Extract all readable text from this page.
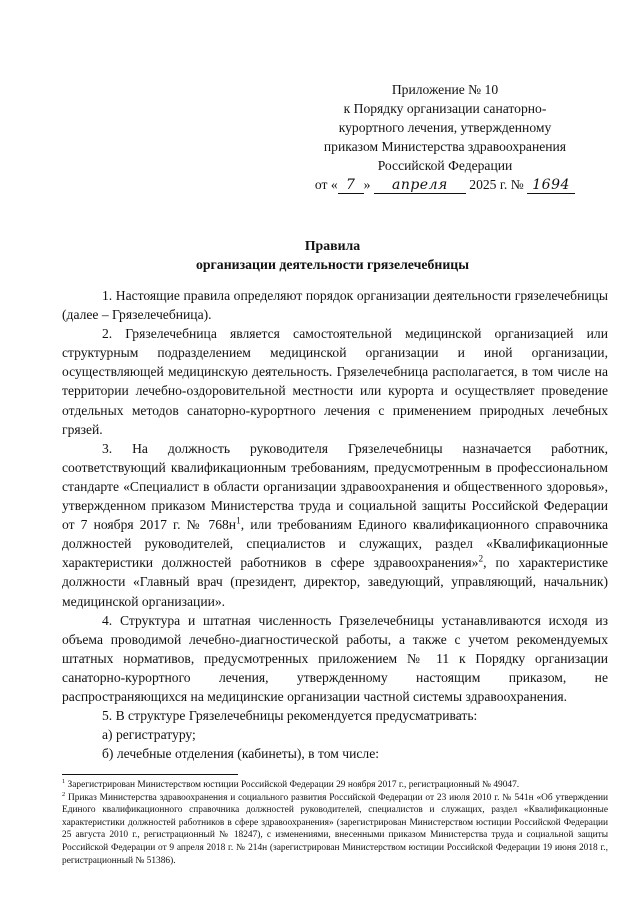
Приложение № 10
к Порядку организации санаторно-
курортного лечения, утвержденному
приказом Министерства здравоохранения
Российской Федерации
от « 7 » апреля 2025 г. № 1694
Правила
организации деятельности грязелечебницы

1. Настоящие правила определяют порядок организации деятельности грязелечебницы (далее – Грязелечебница).

2. Грязелечебница является самостоятельной медицинской организацией или структурным подразделением медицинской организации и иной организации, осуществляющей медицинскую деятельность. Грязелечебница располагается, в том числе на территории лечебно-оздоровительной местности или курорта и осуществляет проведение отдельных методов санаторно-курортного лечения с применением природных лечебных грязей.

3. На должность руководителя Грязелечебницы назначается работник, соответствующий квалификационным требованиям, предусмотренным в профессиональном стандарте «Специалист в области организации здравоохранения и общественного здоровья», утвержденном приказом Министерства труда и социальной защиты Российской Федерации от 7 ноября 2017 г. № $768н^1$, или требованиям Единого квалификационного справочника должностей руководителей, специалистов и служащих, раздел «Квалификационные характеристики должностей работников в сфере здравоохранения»$^2$, по характеристике должности «Главный врач (президент, директор, заведующий, управляющий, начальник) медицинской организации».

4. Структура и штатная численность Грязелечебницы устанавливаются исходя из объема проводимой лечебно-диагностической работы, а также с учетом рекомендуемых штатных нормативов, предусмотренных приложением № 11 к Порядку организации санаторно-курортного лечения, утвержденному настоящим приказом, не распространяющихся на медицинские организации частной системы здравоохранения.

5. В структуре Грязелечебницы рекомендуется предусматривать:

а) регистратуру;

б) лечебные отделения (кабинеты), в том числе:

$^1$ Зарегистрирован Министерством юстиции Российской Федерации 29 ноября 2017 г., регистрационный № 49047.

$^2$ Приказ Министерства здравоохранения и социального развития Российской Федерации от 23 июля 2010 г. № 541н «Об утверждении Единого квалификационного справочника должностей руководителей, специалистов и служащих, раздел «Квалификационные характеристики должностей работников в сфере здравоохранения» (зарегистрирован Министерством юстиции Российской Федерации 25 августа 2010 г., регистрационный № 18247), с изменениями, внесенными приказом Министерства труда и социальной защиты Российской Федерации от 9 апреля 2018 г. № 214н (зарегистрирован Министерством юстиции Российской Федерации 19 июня 2018 г., регистрационный № 51386).
